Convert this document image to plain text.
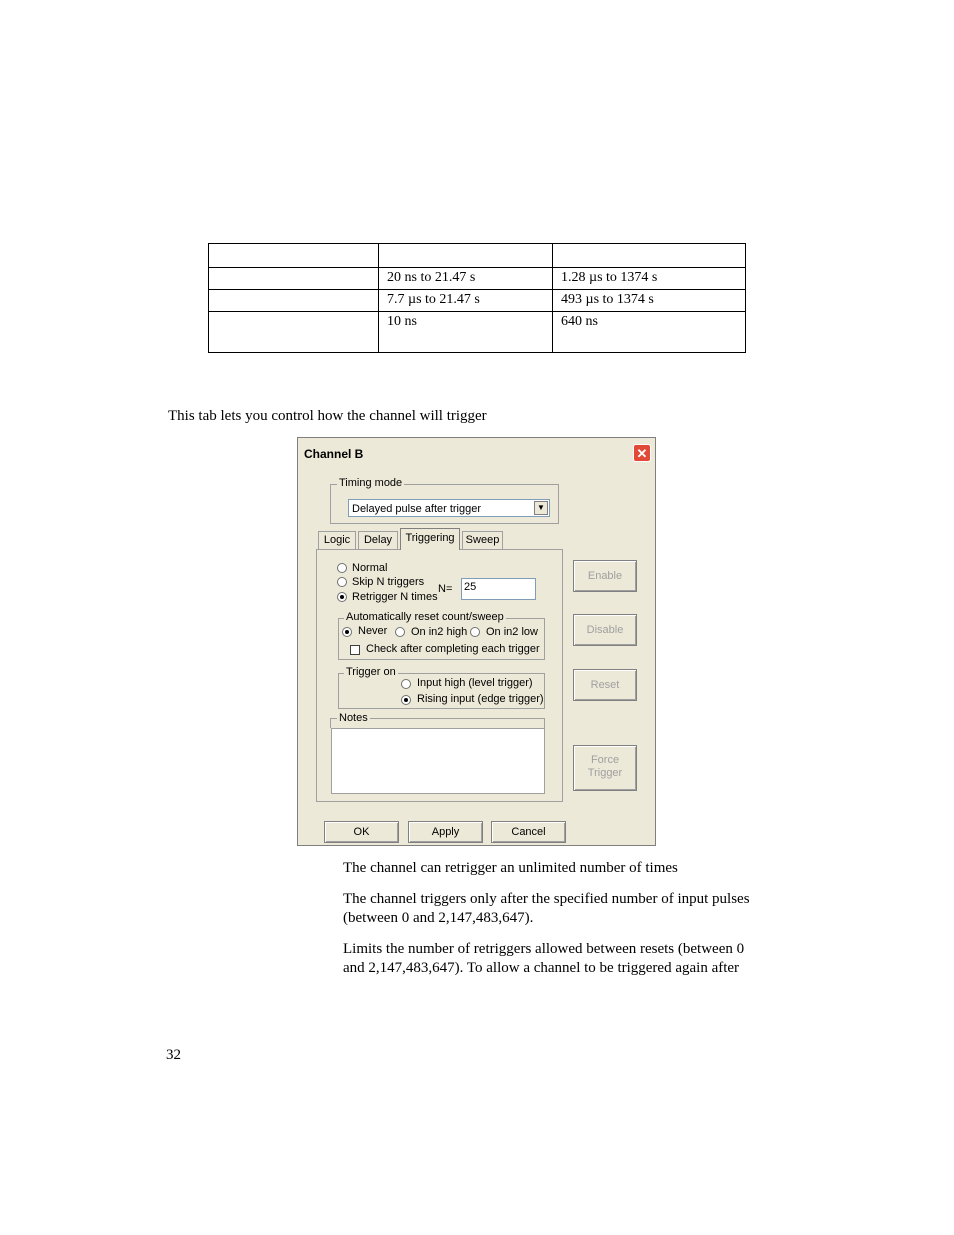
	20 ns to 21.47 s	1.28 µs to 1374 s
	7.7 µs to 21.47 s	493 µs to 1374 s
	10 ns	640 ns
This tab lets you control how the channel will trigger
Channel B	✕
Timing mode
Delayed pulse after trigger	▼
Logic	Delay	Triggering	Sweep
Normal
Skip N triggers
Retrigger N times
N= 25
Automatically reset count/sweep
Never On in2 high On in2 low
Check after completing each trigger
Trigger on
Input high (level trigger)
Rising input (edge trigger)
Notes
Enable
Disable
Reset
Force Trigger
OK	Apply	Cancel
The channel can retrigger an unlimited number of times
The channel triggers only after the specified number of input pulses (between 0 and 2,147,483,647).
Limits the number of retriggers allowed between resets (between 0 and 2,147,483,647). To allow a channel to be triggered again after
32
